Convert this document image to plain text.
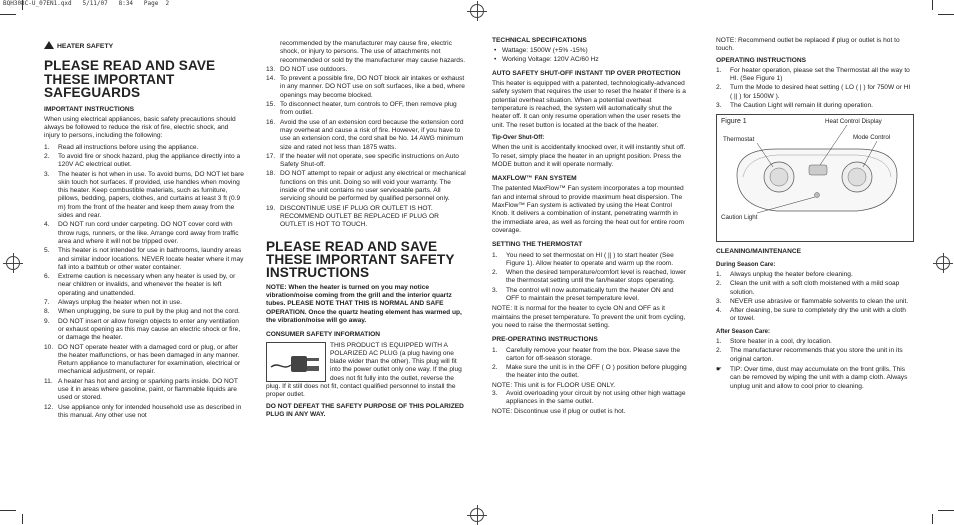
BQH308C-U_07EN1.qxd   5/11/07   8:34   Page  2
HEATER SAFETY
PLEASE READ AND SAVE THESE IMPORTANT SAFEGUARDS
IMPORTANT INSTRUCTIONS

When using electrical appliances, basic safety precautions should always be followed to reduce the risk of fire, electric shock, and injury to persons, including the following:

1. Read all instructions before using the appliance.
2. To avoid fire or shock hazard, plug the appliance directly into a 120V AC electrical outlet.
3. The heater is hot when in use. To avoid burns, DO NOT let bare skin touch hot surfaces. If provided, use handles when moving this heater. Keep combustible materials, such as furniture, pillows, bedding, papers, clothes, and curtains at least 3 ft (0.9 m) from the front of the heater and keep them away from the sides and rear.
4. DO NOT run cord under carpeting. DO NOT cover cord with throw rugs, runners, or the like. Arrange cord away from traffic area and where it will not be tripped over.
5. This heater is not intended for use in bathrooms, laundry areas and similar indoor locations. NEVER locate heater where it may fall into a bathtub or other water container.
6. Extreme caution is necessary when any heater is used by, or near children or invalids, and whenever the heater is left operating and unattended.
7. Always unplug the heater when not in use.
8. When unplugging, be sure to pull by the plug and not the cord.
9. DO NOT insert or allow foreign objects to enter any ventilation or exhaust opening as this may cause an electric shock or fire, or damage the heater.
10. DO NOT operate heater with a damaged cord or plug, or after the heater malfunctions, or has been damaged in any manner. Return appliance to manufacturer for examination, electrical or mechanical adjustment, or repair.
11. A heater has hot and arcing or sparking parts inside. DO NOT use it in areas where gasoline, paint, or flammable liquids are used or stored.
12. Use appliance only for intended household use as described in this manual. Any other use not

recommended by the manufacturer may cause fire, electric shock, or injury to persons. The use of attachments not recommended or sold by the manufacturer may cause hazards.

13. DO NOT use outdoors.
14. To prevent a possible fire, DO NOT block air intakes or exhaust in any manner. DO NOT use on soft surfaces, like a bed, where openings may become blocked.
15. To disconnect heater, turn controls to OFF, then remove plug from outlet.
16. Avoid the use of an extension cord because the extension cord may overheat and cause a risk of fire. However, if you have to use an extension cord, the cord shall be No. 14 AWG minimum size and rated not less than 1875 watts.
17. If the heater will not operate, see specific instructions on Auto Safety Shut-off.
18. DO NOT attempt to repair or adjust any electrical or mechanical functions on this unit. Doing so will void your warranty. The inside of the unit contains no user serviceable parts. All servicing should be performed by qualified personnel only.
19. DISCONTINUE USE IF PLUG OR OUTLET IS HOT. RECOMMEND OUTLET BE REPLACED IF PLUG OR OUTLET IS HOT TO TOUCH.
PLEASE READ AND SAVE THESE IMPORTANT SAFETY INSTRUCTIONS

NOTE: When the heater is turned on you may notice vibration/noise coming from the grill and the interior quartz tubes. PLEASE NOTE THAT THIS IS NORMAL AND SAFE OPERATION. Once the quartz heating element has warmed up, the vibration/noise will go away.

CONSUMER SAFETY INFORMATION

THIS PRODUCT IS EQUIPPED WITH A POLARIZED AC PLUG (a plug having one blade wider than the other). This plug will fit into the power outlet only one way. If the plug does not fit fully into the outlet, reverse the plug. If it still does not fit, contact qualified personnel to install the proper outlet.

DO NOT DEFEAT THE SAFETY PURPOSE OF THIS POLARIZED PLUG IN ANY WAY.

TECHNICAL SPECIFICATIONS
• Wattage: 1500W (+5% -15%)
• Working Voltage: 120V AC/60 Hz
AUTO SAFETY SHUT-OFF INSTANT TIP OVER PROTECTION

This heater is equipped with a patented, technologically-advanced safety system that requires the user to reset the heater if there is a potential overheat situation. When a potential overheat temperature is reached, the system will automatically shut the heater off. It can only resume operation when the user resets the unit. The reset button is located at the back of the heater.

Tip-Over Shut-Off:

When the unit is accidentally knocked over, it will instantly shut off. To reset, simply place the heater in an upright position. Press the MODE button and it will operate normally.

MAXFLOW™ FAN SYSTEM

The patented MaxFlow™ Fan system incorporates a top mounted fan and internal shroud to provide maximum heat dispersion. The MaxFlow™ Fan system is activated by using the Heat Control Knob. It delivers a combination of instant, penetrating warmth in the immediate area, as well as forcing the heat out for entire room coverage.

SETTING THE THERMOSTAT
1. You need to set thermostat on HI ( || ) to start heater (See Figure 1). Allow heater to operate and warm up the room.
2. When the desired temperature/comfort level is reached, lower the thermostat setting until the fan/heater stops operating.
3. The control will now automatically turn the heater ON and OFF to maintain the preset temperature level.

NOTE: It is normal for the heater to cycle ON and OFF as it maintains the preset temperature. To prevent the unit from cycling, you need to raise the thermostat setting.

PRE-OPERATING INSTRUCTIONS
1. Carefully remove your heater from the box. Please save the carton for off-season storage.
2. Make sure the unit is in the OFF ( O ) position before plugging the heater into the outlet.

NOTE: This unit is for FLOOR USE ONLY.

3. Avoid overloading your circuit by not using other high wattage appliances in the same outlet.

NOTE: Discontinue use if plug or outlet is hot.

NOTE: Recommend outlet be replaced if plug or outlet is hot to touch.

OPERATING INSTRUCTIONS
1. For heater operation, please set the Thermostat all the way to HI. (See Figure 1)
2. Turn the Mode to desired heat setting ( LO ( | ) for 750W or HI ( || ) for 1500W ).
3. The Caution Light will remain lit during operation.
Figure 1	Heat Control Display
Thermostat	Mode Control
Caution Light
CLEANING/MAINTENANCE
During Season Care:
1. Always unplug the heater before cleaning.
2. Clean the unit with a soft cloth moistened with a mild soap solution.
3. NEVER use abrasive or flammable solvents to clean the unit.
4. After cleaning, be sure to completely dry the unit with a cloth or towel.
After Season Care:
1. Store heater in a cool, dry location.
2. The manufacturer recommends that you store the unit in its original carton.

☛ TIP: Over time, dust may accumulate on the front grills. This can be removed by wiping the unit with a damp cloth. Always unplug unit and allow to cool prior to cleaning.
